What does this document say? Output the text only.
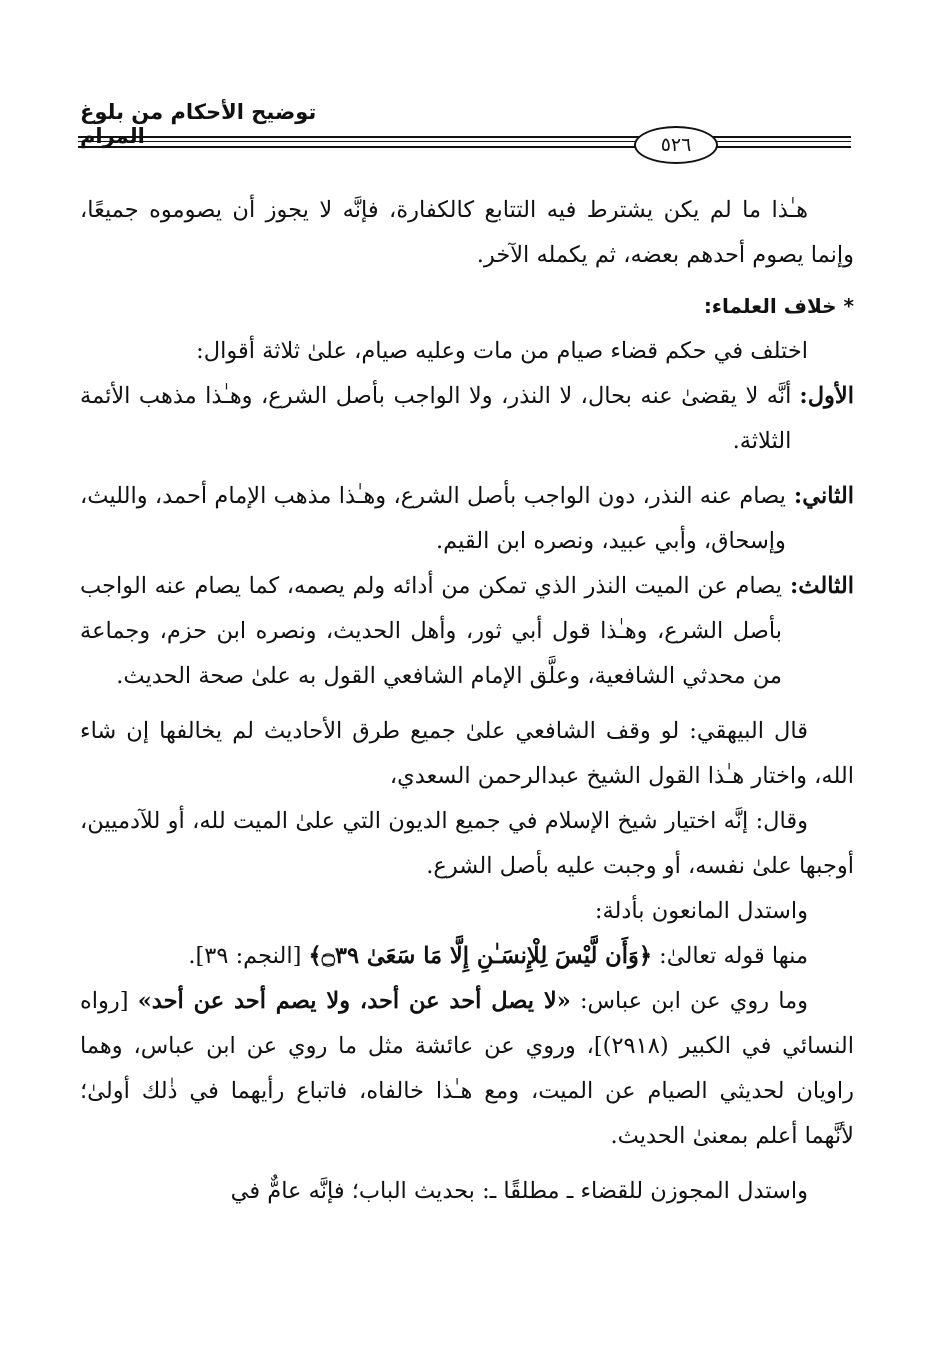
توضيح الأحكام من بلوغ المرام	٥٢٦

هـٰذا ما لم يكن يشترط فيه التتابع كالكفارة، فإنَّه لا يجوز أن يصوموه جميعًا، وإنما يصوم أحدهم بعضه، ثم يكمله الآخر.

* خلاف العلماء:

اختلف في حكم قضاء صيام من مات وعليه صيام، علىٰ ثلاثة أقوال:

الأول:
أنَّه لا يقضىٰ عنه بحال، لا النذر، ولا الواجب بأصل الشرع، وهـٰذا مذهب الأئمة الثلاثة.
الثاني:
يصام عنه النذر، دون الواجب بأصل الشرع، وهـٰذا مذهب الإمام أحمد، والليث، وإسحاق، وأبي عبيد، ونصره ابن القيم.
الثالث:
يصام عن الميت النذر الذي تمكن من أدائه ولم يصمه، كما يصام عنه الواجب بأصل الشرع، وهـٰذا قول أبي ثور، وأهل الحديث، ونصره ابن حزم، وجماعة من محدثي الشافعية، وعلَّق الإمام الشافعي القول به علىٰ صحة الحديث.

قال البيهقي: لو وقف الشافعي علىٰ جميع طرق الأحاديث لم يخالفها إن شاء الله، واختار هـٰذا القول الشيخ عبدالرحمن السعدي،

وقال: إنَّه اختيار شيخ الإسلام في جميع الديون التي علىٰ الميت لله، أو للآدميين، أوجبها علىٰ نفسه، أو وجبت عليه بأصل الشرع.

واستدل المانعون بأدلة:

منها قوله تعالىٰ: ﴿وَأَن لَّيْسَ لِلْإِنسَـٰنِ إِلَّا مَا سَعَىٰ ۝٣٩﴾ [النجم: ٣٩].

وما روي عن ابن عباس: «لا يصل أحد عن أحد، ولا يصم أحد عن أحد» [رواه النسائي في الكبير (٢٩١٨)]، وروي عن عائشة مثل ما روي عن ابن عباس، وهما راويان لحديثي الصيام عن الميت، ومع هـٰذا خالفاه، فاتباع رأيهما في ذٰلك أولىٰ؛ لأنَّهما أعلم بمعنىٰ الحديث.

واستدل المجوزن للقضاء ـ مطلقًا ـ: بحديث الباب؛ فإنَّه عامٌّ في
